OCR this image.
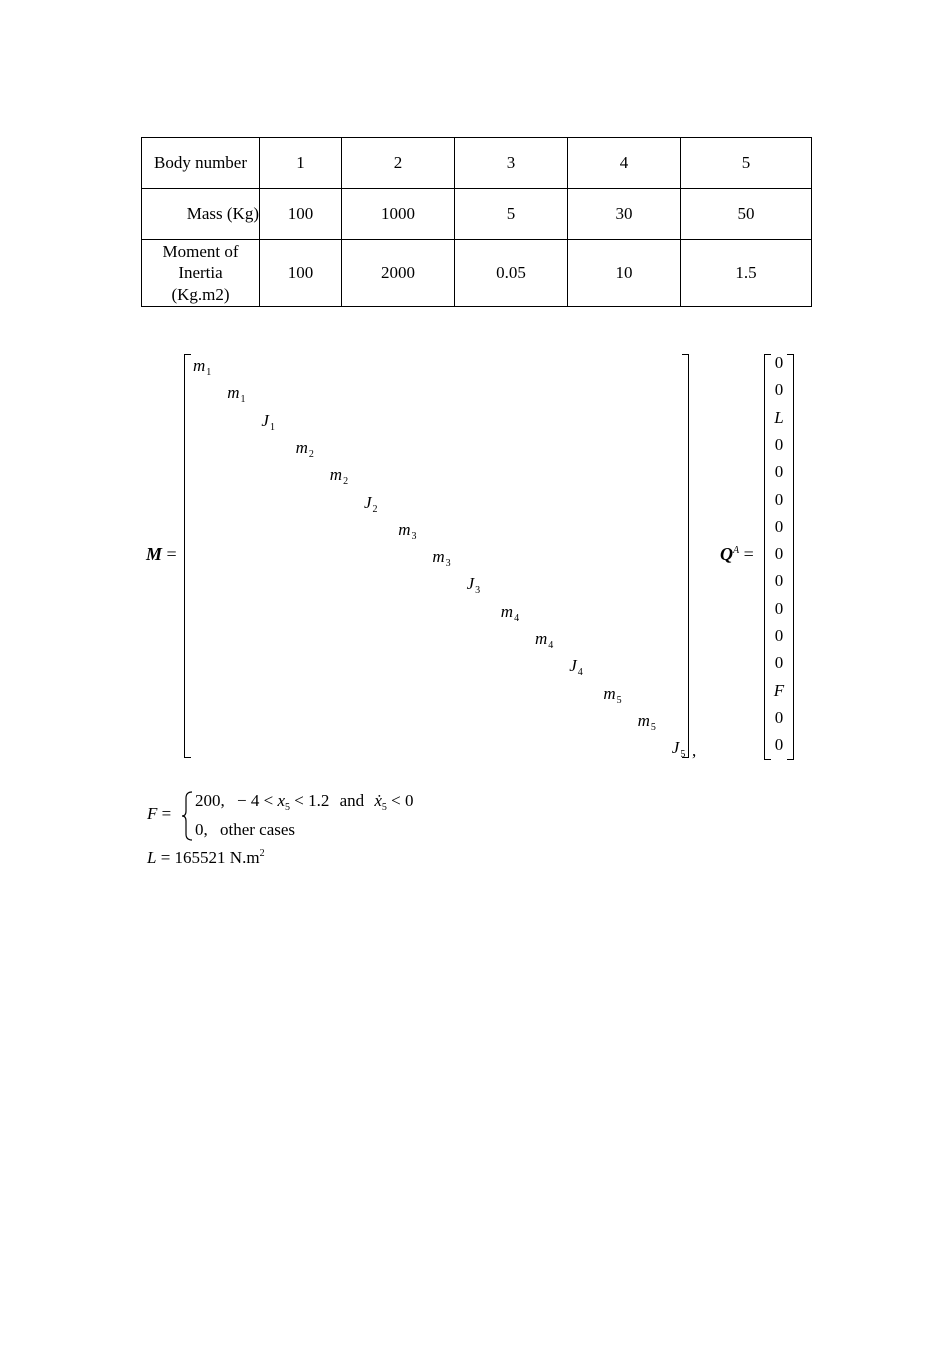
Body number	1	2	3	4	5
Mass (Kg)	100	1000	5	30	50

Moment of
Inertia
(Kg.m2)	100	2000	0.05	10	1.5
M =
$m_1$
$m_1$
$J_1$
$m_2$
$m_2$
$J_2$
$m_3$
$m_3$
$J_3$
$m_4$
$m_4$
$J_4$
$m_5$
$m_5$
$J_5$ ,
$Q^A$ =
0
0
L
0
0
0
0
0
0
0
0
0
F
0
0
F =
200, − $4 < x_5 < 1.2$ and ẋ$_5$ < 0
0, other cases
L = 165521 $N.m^2$
